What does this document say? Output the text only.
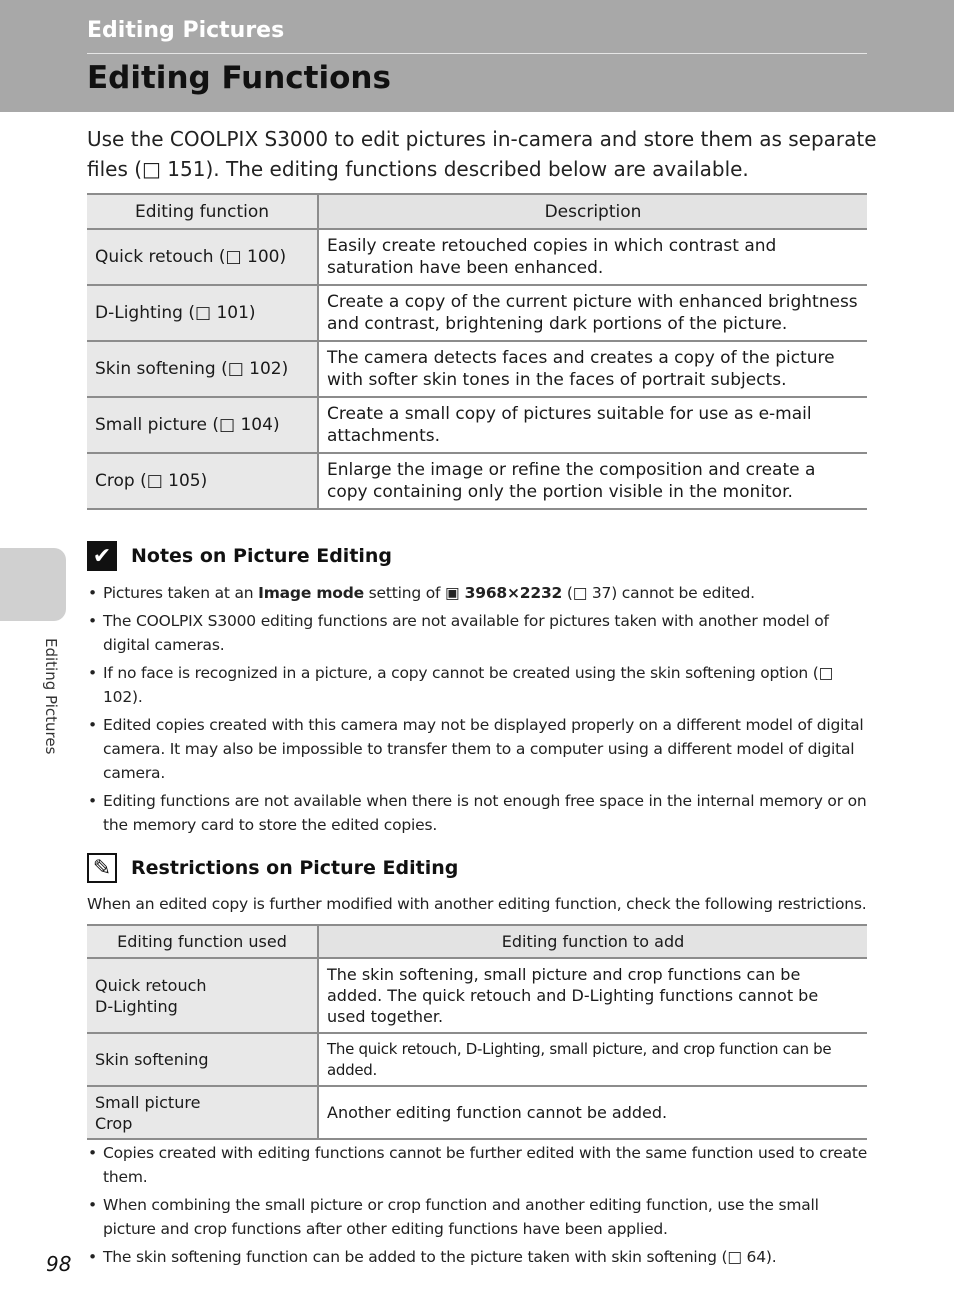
Editing Pictures
Editing Functions

Use the COOLPIX S3000 to edit pictures in-camera and store them as separate files (□ 151). The editing functions described below are available.

Editing function	Description
Quick retouch (□ 100)	Easily create retouched copies in which contrast and saturation have been enhanced.
D-Lighting (□ 101)	Create a copy of the current picture with enhanced brightness and contrast, brightening dark portions of the picture.
Skin softening (□ 102)	The camera detects faces and creates a copy of the picture with softer skin tones in the faces of portrait subjects.
Small picture (□ 104)	Create a small copy of pictures suitable for use as e-mail attachments.
Crop (□ 105)	Enlarge the image or refine the composition and create a copy containing only the portion visible in the monitor.
✔	Notes on Picture Editing
• Pictures taken at an Image mode setting of ▣ 3968×2232 (□ 37) cannot be edited.
• The COOLPIX S3000 editing functions are not available for pictures taken with another model of digital cameras.
• If no face is recognized in a picture, a copy cannot be created using the skin softening option (□ 102).
• Edited copies created with this camera may not be displayed properly on a different model of digital camera. It may also be impossible to transfer them to a computer using a different model of digital camera.
• Editing functions are not available when there is not enough free space in the internal memory or on the memory card to store the edited copies.
✎	Restrictions on Picture Editing

When an edited copy is further modified with another editing function, check the following restrictions.

Editing function used	Editing function to add

Quick retouch
D-Lighting	The skin softening, small picture and crop functions can be added. The quick retouch and D-Lighting functions cannot be used together.

Skin softening	The quick retouch, D-Lighting, small picture, and crop function can be added.

Small picture
Crop	Another editing function cannot be added.
• Copies created with editing functions cannot be further edited with the same function used to create them.
• When combining the small picture or crop function and another editing function, use the small picture and crop functions after other editing functions have been applied.
• The skin softening function can be added to the picture taken with skin softening (□ 64).
Editing Pictures
98
